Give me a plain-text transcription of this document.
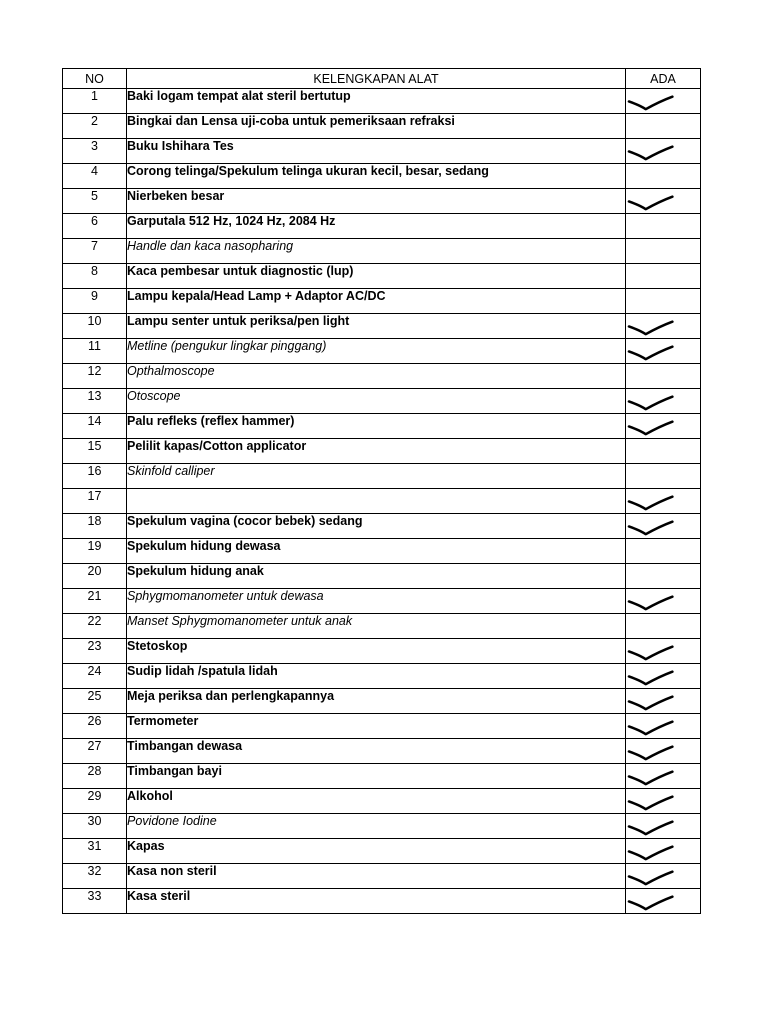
NO	KELENGKAPAN ALAT	ADA
1	Baki logam tempat alat steril bertutup	

2	Bingkai dan Lensa uji-coba untuk pemeriksaan refraksi	
3	Buku Ishihara Tes	

4	Corong telinga/Spekulum telinga ukuran kecil, besar, sedang	
5	Nierbeken besar	

6	Garputala 512 Hz, 1024 Hz, 2084 Hz	
7	Handle dan kaca nasopharing	
8	Kaca pembesar untuk diagnostic (lup)	
9	Lampu kepala/Head Lamp + Adaptor AC/DC	
10	Lampu senter untuk periksa/pen light	

11	Metline (pengukur lingkar pinggang)	

12	Opthalmoscope	
13	Otoscope	

14	Palu refleks (reflex hammer)	

15	Pelilit kapas/Cotton applicator	
16	Skinfold calliper	
17		

18	Spekulum vagina (cocor bebek) sedang	

19	Spekulum hidung dewasa	
20	Spekulum hidung anak	
21	Sphygmomanometer untuk dewasa	

22	Manset Sphygmomanometer untuk anak	
23	Stetoskop	

24	Sudip lidah /spatula lidah	

25	Meja periksa dan perlengkapannya	

26	Termometer	

27	Timbangan dewasa	

28	Timbangan bayi	

29	Alkohol	

30	Povidone Iodine	

31	Kapas	

32	Kasa non steril	

33	Kasa steril	
